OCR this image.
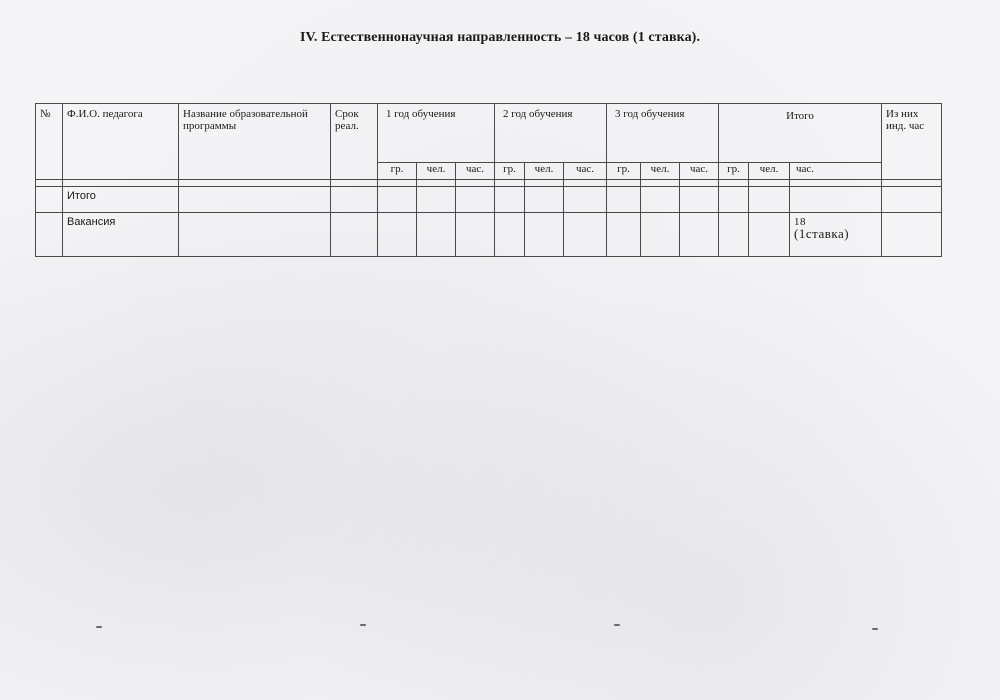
IV. Естественнонаучная направленность – 18 часов (1 ставка).
№	Ф.И.О. педагога	Название образовательной программы	Срок реал.	1 год обучения			2 год обучения			3 год обучения			Итого			Из них инд. час
				гр.	чел.	час.	гр.	чел.	час.	гр.	чел.	час.	гр.	чел.	час.	

	Итого															
	Вакансия														18
(1ставка)	
